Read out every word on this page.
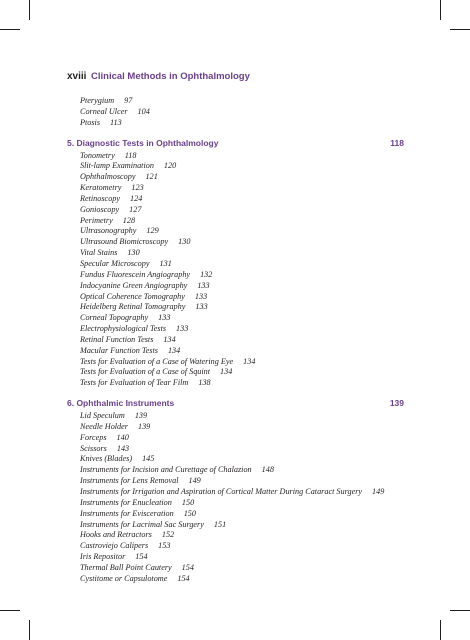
xviii Clinical Methods in Ophthalmology
Pterygium 97
Corneal Ulcer 104
Ptosis 113
5. Diagnostic Tests in Ophthalmology	118
Tonometry 118
Slit-lamp Examination 120
Ophthalmoscopy 121
Keratometry 123
Retinoscopy 124
Gonioscopy 127
Perimetry 128
Ultrasonography 129
Ultrasound Biomicroscopy 130
Vital Stains 130
Specular Microscopy 131
Fundus Fluorescein Angiography 132
Indocyanine Green Angiography 133
Optical Coherence Tomography 133
Heidelberg Retinal Tomography 133
Corneal Topography 133
Electrophysiological Tests 133
Retinal Function Tests 134
Macular Function Tests 134
Tests for Evaluation of a Case of Watering Eye 134
Tests for Evaluation of a Case of Squint 134
Tests for Evaluation of Tear Film 138
6. Ophthalmic Instruments	139
Lid Speculum 139
Needle Holder 139
Forceps 140
Scissors 143
Knives (Blades) 145
Instruments for Incision and Curettage of Chalazion 148
Instruments for Lens Removal 149
Instruments for Irrigation and Aspiration of Cortical Matter During Cataract Surgery 149
Instruments for Enucleation 150
Instruments for Evisceration 150
Instruments for Lacrimal Sac Surgery 151
Hooks and Retractors 152
Castroviejo Calipers 153
Iris Repositor 154
Thermal Ball Point Cautery 154
Cystitome or Capsulotome 154
